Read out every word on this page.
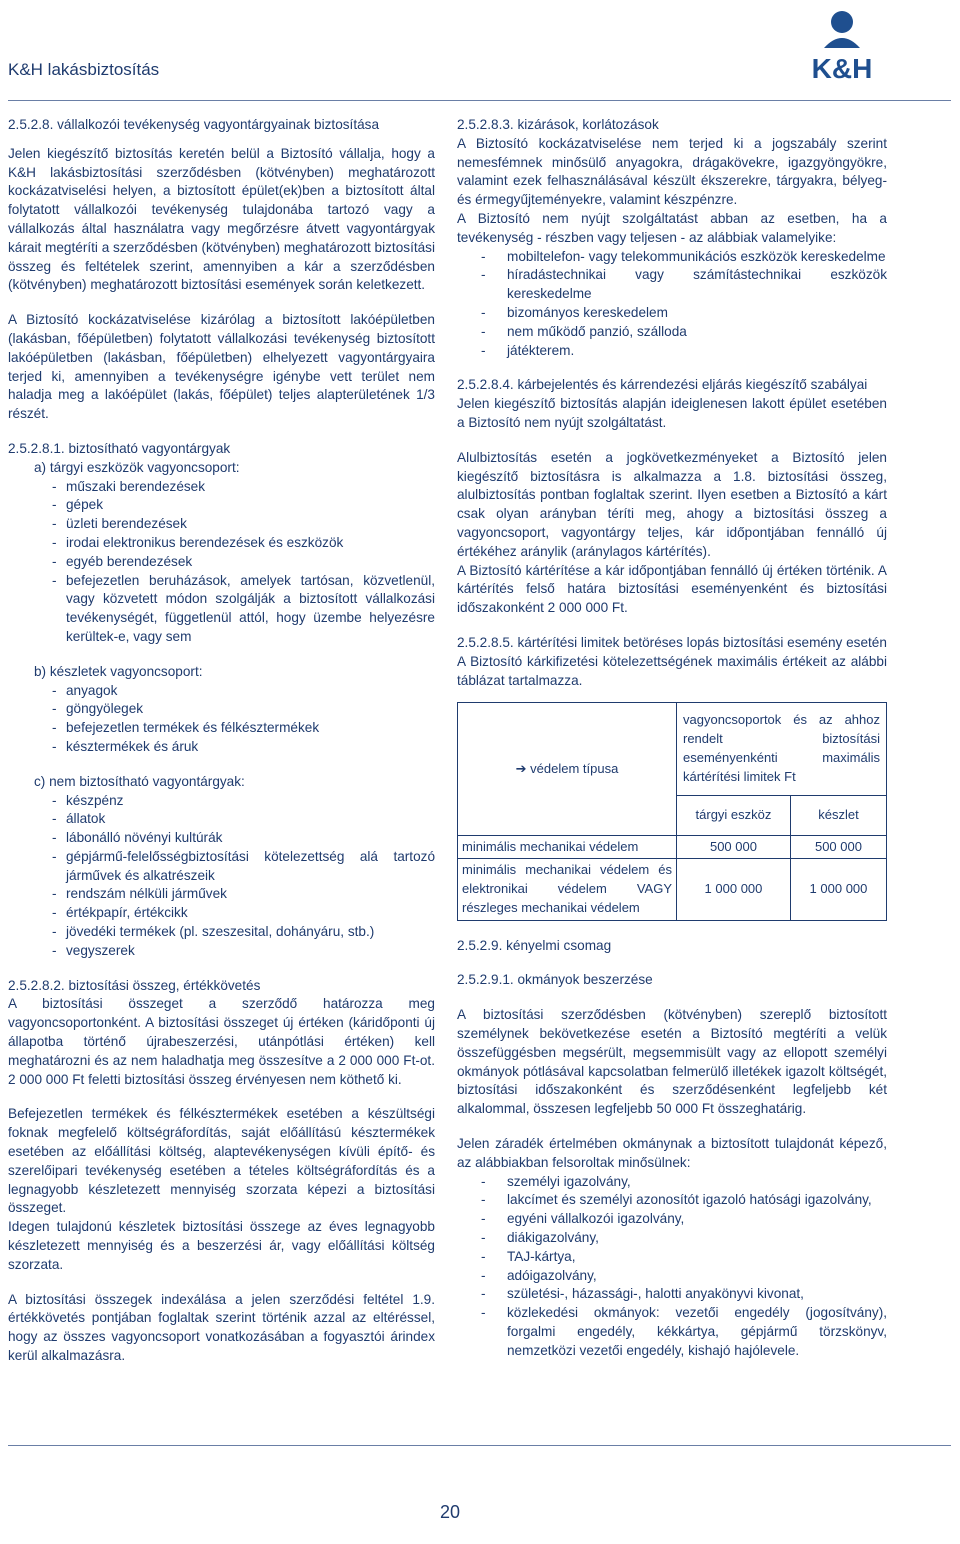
K&H lakásbiztosítás	K&H

2.5.2.8. vállalkozói tevékenység vagyontárgyainak biztosítása

Jelen kiegészítő biztosítás keretén belül a Biztosító vállalja, hogy a K&H lakásbiztosítási szerződésben (kötvényben) meghatározott kockázatviselési helyen, a biztosított épület(ek)ben a biztosított által folytatott vállalkozói tevékenység tulajdonába tartozó vagy a vállalkozás által használatra vagy megőrzésre átvett vagyontárgyak kárait megtéríti a szerződésben (kötvényben) meghatározott biztosítási összeg és feltételek szerint, amennyiben a kár a szerződésben (kötvényben) meghatározott biztosítási események során keletkezett.

A Biztosító kockázatviselése kizárólag a biztosított lakóépületben (lakásban, főépületben) folytatott vállalkozási tevékenység biztosított lakóépületben (lakásban, főépületben) elhelyezett vagyontárgyaira terjed ki, amennyiben a tevékenységre igénybe vett terület nem haladja meg a lakóépület (lakás, főépület) teljes alapterületének 1/3 részét.

2.5.2.8.1. biztosítható vagyontárgyak

a) tárgyi eszközök vagyoncsoport:

- műszaki berendezések
- gépek
- üzleti berendezések
- irodai elektronikus berendezések és eszközök
- egyéb berendezések
- befejezetlen beruházások, amelyek tartósan, közvetlenül, vagy közvetett módon szolgálják a biztosított vállalkozási tevékenységét, függetlenül attól, hogy üzembe helyezésre kerültek-e, vagy sem

b) készletek vagyoncsoport:

- anyagok
- göngyölegek
- befejezetlen termékek és félkésztermékek
- késztermékek és áruk

c) nem biztosítható vagyontárgyak:

- készpénz
- állatok
- lábonálló növényi kultúrák
- gépjármű-felelősségbiztosítási kötelezettség alá tartozó járművek és alkatrészeik
- rendszám nélküli járművek
- értékpapír, értékcikk
- jövedéki termékek (pl. szeszesital, dohányáru, stb.)
- vegyszerek

2.5.2.8.2. biztosítási összeg, értékkövetés

A biztosítási összeget a szerződő határozza meg vagyoncsoportonként. A biztosítási összeget új értéken (káridőponti új állapotba történő újrabeszerzési, utánpótlási értéken) kell meghatározni és az nem haladhatja meg összesítve a 2 000 000 Ft-ot. 2 000 000 Ft feletti biztosítási összeg érvényesen nem köthető ki.

Befejezetlen termékek és félkésztermékek esetében a készültségi foknak megfelelő költségráfordítás, saját előállítású késztermékek esetében az előállítási költség, alaptevékenységen kívüli építő- és szerelőipari tevékenység esetében a tételes költségráfordítás és a legnagyobb készletezett mennyiség szorzata képezi a biztosítási összeget.

Idegen tulajdonú készletek biztosítási összege az éves legnagyobb készletezett mennyiség és a beszerzési ár, vagy előállítási költség szorzata.

A biztosítási összegek indexálása a jelen szerződési feltétel 1.9. értékkövetés pontjában foglaltak szerint történik azzal az eltéréssel, hogy az összes vagyoncsoport vonatkozásában a fogyasztói árindex kerül alkalmazásra.

2.5.2.8.3. kizárások, korlátozások

A Biztosító kockázatviselése nem terjed ki a jogszabály szerint nemesfémnek minősülő anyagokra, drágakövekre, igazgyöngyökre, valamint ezek felhasználásával készült ékszerekre, tárgyakra, bélyeg- és érmegyűjteményekre, valamint készpénzre.

A Biztosító nem nyújt szolgáltatást abban az esetben, ha a tevékenység - részben vagy teljesen - az alábbiak valamelyike:

-	mobiltelefon- vagy telekommunikációs eszközök kereskedelme
-	híradástechnikai vagy számítástechnikai eszközök kereskedelme
-	bizományos kereskedelem
-	nem működő panzió, szálloda
-	játékterem.

2.5.2.8.4. kárbejelentés és kárrendezési eljárás kiegészítő szabályai

Jelen kiegészítő biztosítás alapján ideiglenesen lakott épület esetében a Biztosító nem nyújt szolgáltatást.

Alulbiztosítás esetén a jogkövetkezményeket a Biztosító jelen kiegészítő biztosításra is alkalmazza a 1.8. biztosítási összeg, alulbiztosítás pontban foglaltak szerint. Ilyen esetben a Biztosító a kárt csak olyan arányban téríti meg, ahogy a biztosítási összeg a vagyoncsoport, vagyontárgy teljes, kár időpontjában fennálló új értékéhez aránylik (aránylagos kártérítés).

A Biztosító kártérítése a kár időpontjában fennálló új értéken történik. A kártérítés felső határa biztosítási eseményenként és biztosítási időszakonként 2 000 000 Ft.

2.5.2.8.5. kártérítési limitek betöréses lopás biztosítási esemény esetén

A Biztosító kárkifizetési kötelezettségének maximális értékeit az alábbi táblázat tartalmazza.

➔ védelem típusa	vagyoncsoportok és az ahhoz rendelt biztosítási eseményenkénti maximális kártérítési limitek Ft	
	tárgyi eszköz	készlet
minimális mechanikai védelem	500 000	500 000
minimális mechanikai védelem és elektronikai védelem VAGY részleges mechanikai védelem	1 000 000	1 000 000

2.5.2.9. kényelmi csomag

2.5.2.9.1. okmányok beszerzése

A biztosítási szerződésben (kötvényben) szereplő biztosított személynek bekövetkezése esetén a Biztosító megtéríti a velük összefüggésben megsérült, megsemmisült vagy az ellopott személyi okmányok pótlásával kapcsolatban felmerülő illetékek igazolt költségét, biztosítási időszakonként és szerződésenként legfeljebb két alkalommal, összesen legfeljebb 50 000 Ft összeghatárig.

Jelen záradék értelmében okmánynak a biztosított tulajdonát képező, az alábbiakban felsoroltak minősülnek:

-	személyi igazolvány,
-	lakcímet és személyi azonosítót igazoló hatósági igazolvány,
-	egyéni vállalkozói igazolvány,
-	diákigazolvány,
-	TAJ-kártya,
-	adóigazolvány,
-	születési-, házassági-, halotti anyakönyvi kivonat,
-	közlekedési okmányok: vezetői engedély (jogosítvány), forgalmi engedély, kékkártya, gépjármű törzskönyv, nemzetközi vezetői engedély, kishajó hajólevele.
20
